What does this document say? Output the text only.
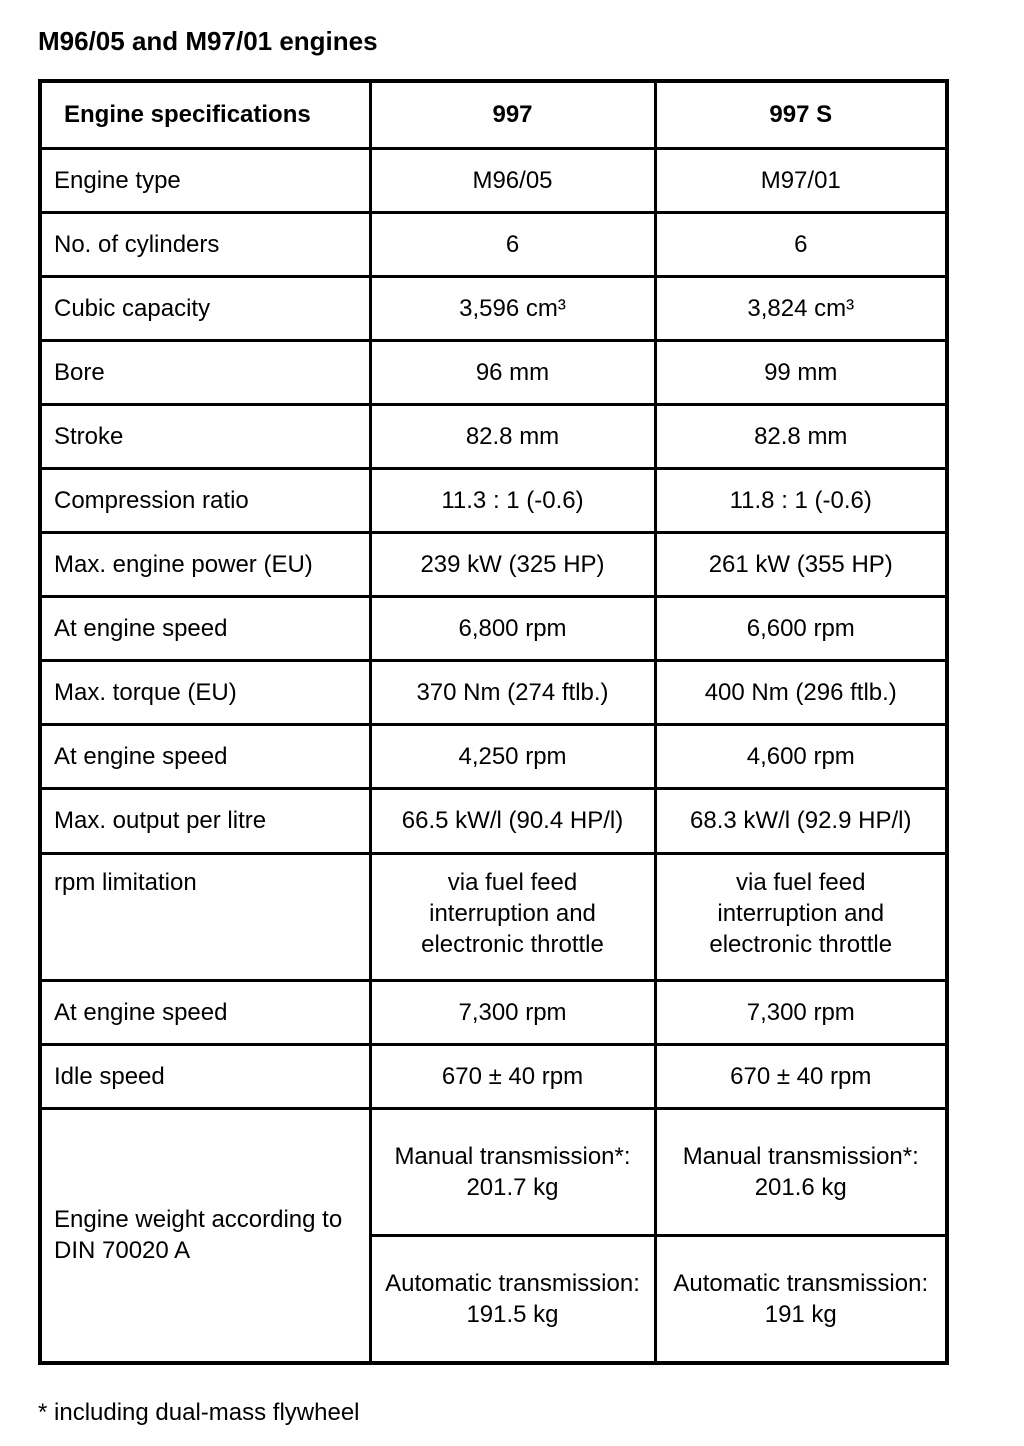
M96/05 and M97/01 engines
Engine specifications	997	997 S
Engine type	M96/05	M97/01
No. of cylinders	6	6
Cubic capacity	3,596 cm³	3,824 cm³
Bore	96 mm	99 mm
Stroke	82.8 mm	82.8 mm
Compression ratio	11.3 : 1 (-0.6)	11.8 : 1 (-0.6)
Max. engine power (EU)	239 kW (325 HP)	261 kW (355 HP)
At engine speed	6,800 rpm	6,600 rpm
Max. torque (EU)	370 Nm (274 ftlb.)	400 Nm (296 ftlb.)
At engine speed	4,250 rpm	4,600 rpm
Max. output per litre	66.5 kW/l (90.4 HP/l)	68.3 kW/l (92.9 HP/l)
rpm limitation	via fuel feed interruption and electronic throttle	via fuel feed interruption and electronic throttle

At engine speed	7,300 rpm	7,300 rpm
Idle speed	670 ± 40 rpm	670 ± 40 rpm
Engine weight according to DIN 70020 A	Manual transmission*: 201.7 kg	Manual transmission*: 201.6 kg

	Automatic transmission: 191.5 kg	Automatic transmission: 191 kg

* including dual-mass flywheel
